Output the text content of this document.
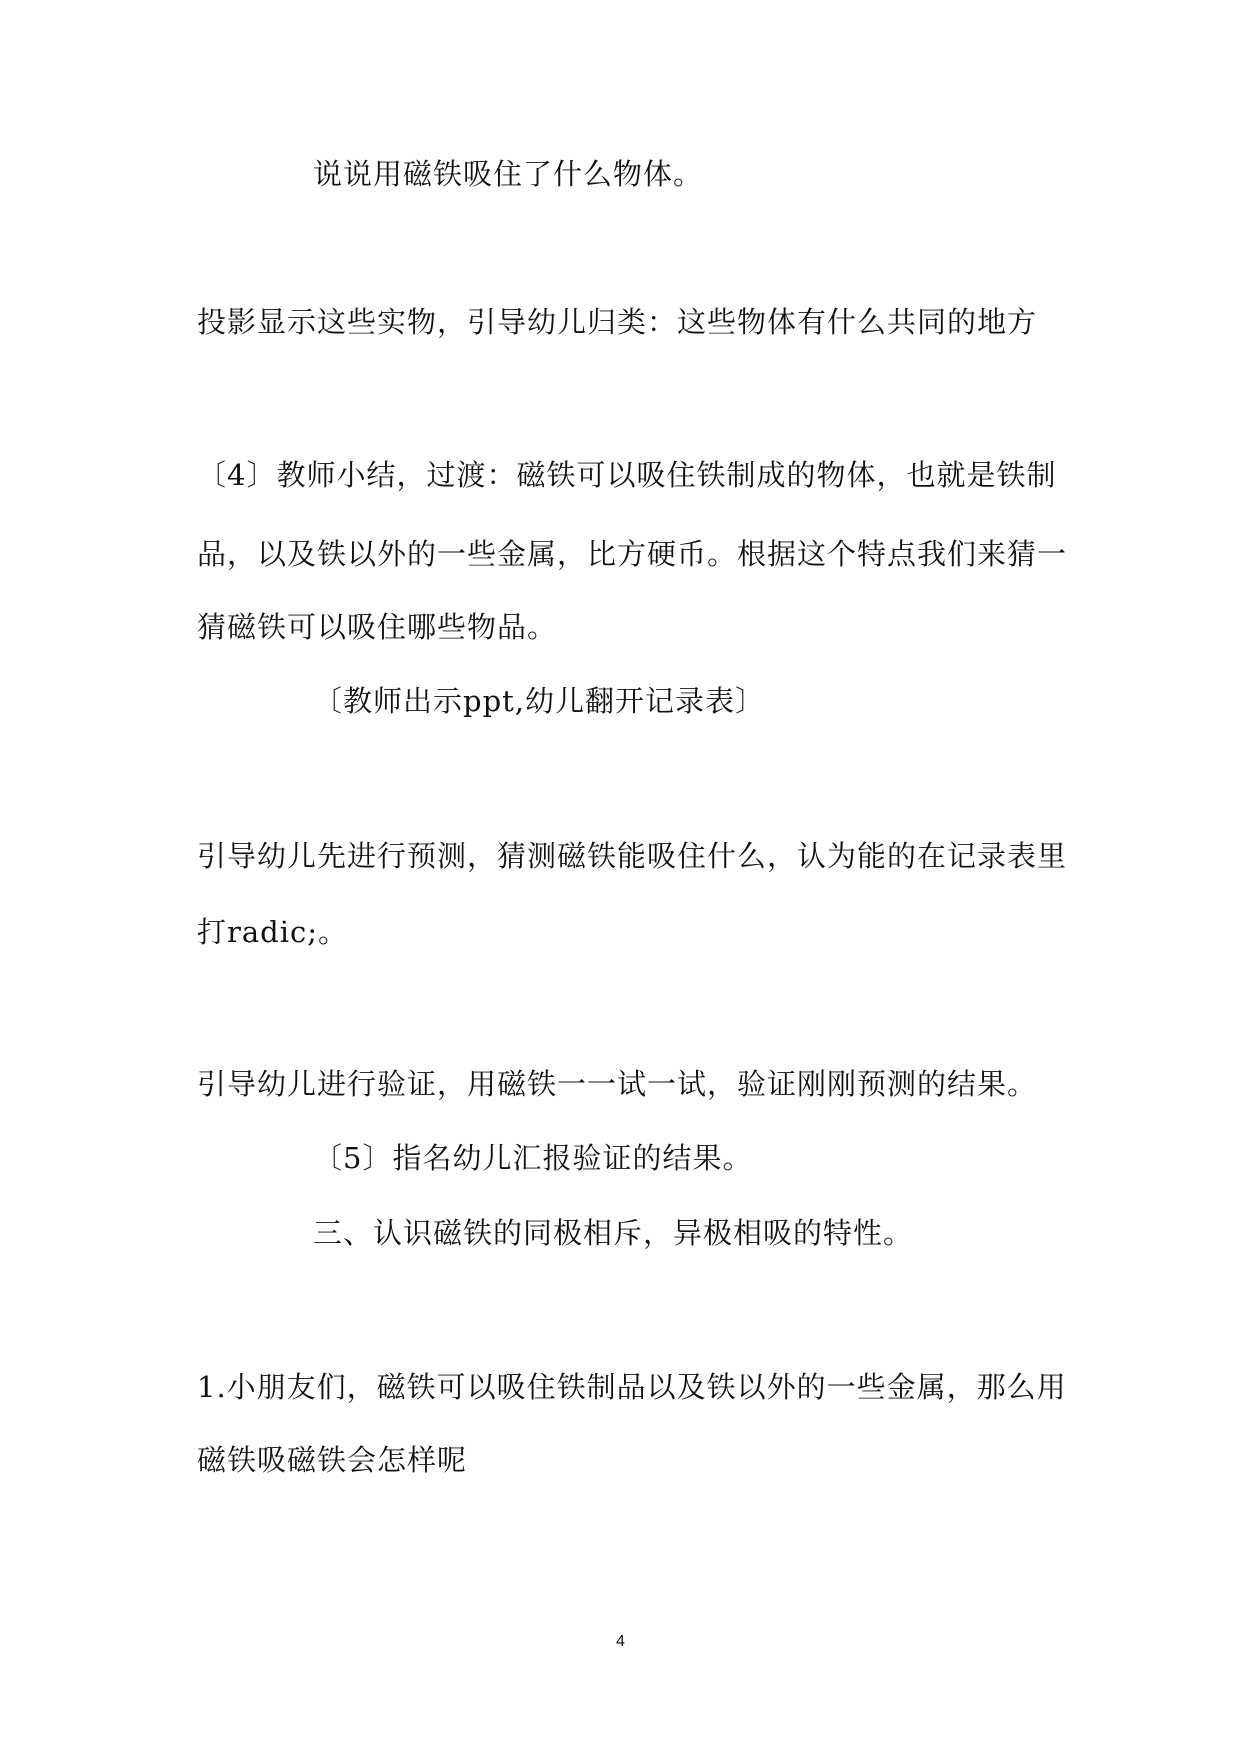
说说用磁铁吸住了什么物体。
投影显示这些实物，引导幼儿归类：这些物体有什么共同的地方
〔4〕教师小结，过渡：磁铁可以吸住铁制成的物体，也就是铁制
品，以及铁以外的一些金属，比方硬币。根据这个特点我们来猜一
猜磁铁可以吸住哪些物品。
〔教师出示ppt,幼儿翻开记录表〕
引导幼儿先进行预测，猜测磁铁能吸住什么，认为能的在记录表里
打radic;。
引导幼儿进行验证，用磁铁一一试一试，验证刚刚预测的结果。
〔5〕指名幼儿汇报验证的结果。
三、认识磁铁的同极相斥，异极相吸的特性。
1.小朋友们，磁铁可以吸住铁制品以及铁以外的一些金属，那么用
磁铁吸磁铁会怎样呢
4
